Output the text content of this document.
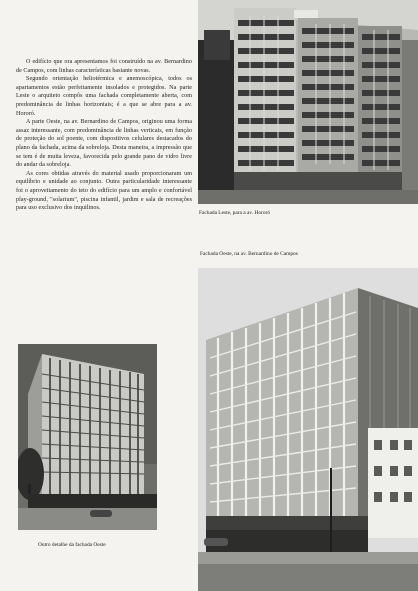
O edifício que ora apresentamos foi construído na av. Bernardino de Campos, com linhas características bastante novas.

Segundo orientação heliotérmica e anemoscópica, todos os apartamentos estão perfeitamente insolados e protegidos. Na parte Leste o arquiteto compôs uma fachada completamente aberta, com predominância de linhas horizontais; é a que se abre para a av. Hororó.

A parte Oeste, na av. Bernardino de Campos, originou uma forma assaz interessante, com predominância de linhas verticais, em função de proteção do sol poente, com dispositivos celulares destacados do plano da fachada, acima da sobreloja. Desta maneira, a impressão que se tem é de muita leveza, favorecida pelo grande pano de vidro livre do andar da sobreloja.

As cores obtidas através do material usado proporcionaram um equilíbrio e unidade ao conjunto. Outra particularidade interessante foi o aproveitamento do teto do edifício para um amplo e confortável play-ground, "solarium", piscina infantil, jardim e sala de recreações para uso exclusivo dos inquilinos.

Fachada Leste, para a av. Hororó
Fachada Oeste, na av. Bernardino de Campos
Outro detalhe da fachada Oeste
